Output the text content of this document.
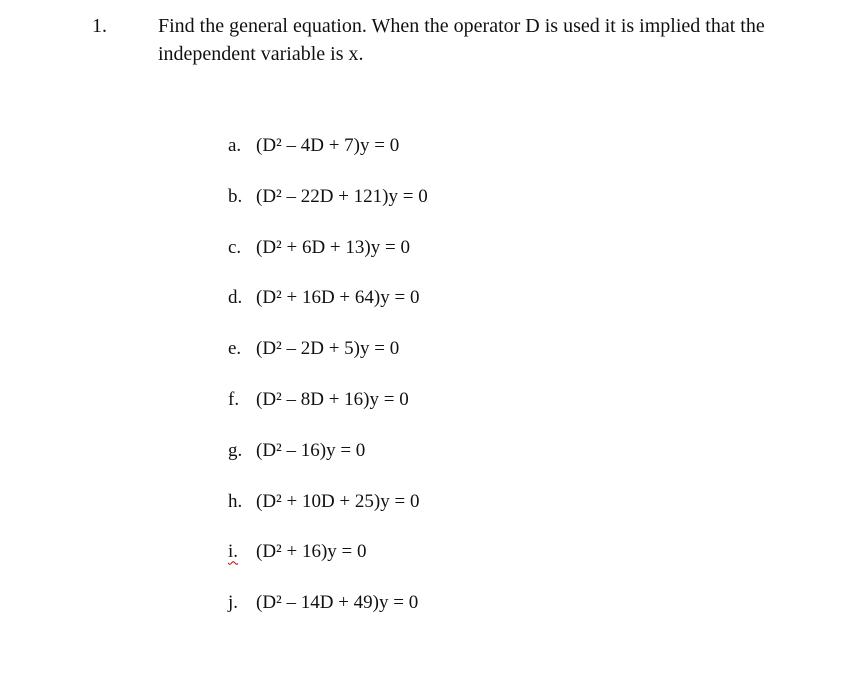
1.	Find the general equation. When the operator D is used it is implied that the independent variable is x.
a. (D² – 4D + 7)y = 0
b. (D² – 22D + 121)y = 0
c. (D² + 6D + 13)y = 0
d. (D² + 16D + 64)y = 0
e. (D² – 2D + 5)y = 0
f. (D² – 8D + 16)y = 0
g. (D² – 16)y = 0
h. (D² + 10D + 25)y = 0
i. (D² + 16)y = 0
j. (D² – 14D + 49)y = 0
